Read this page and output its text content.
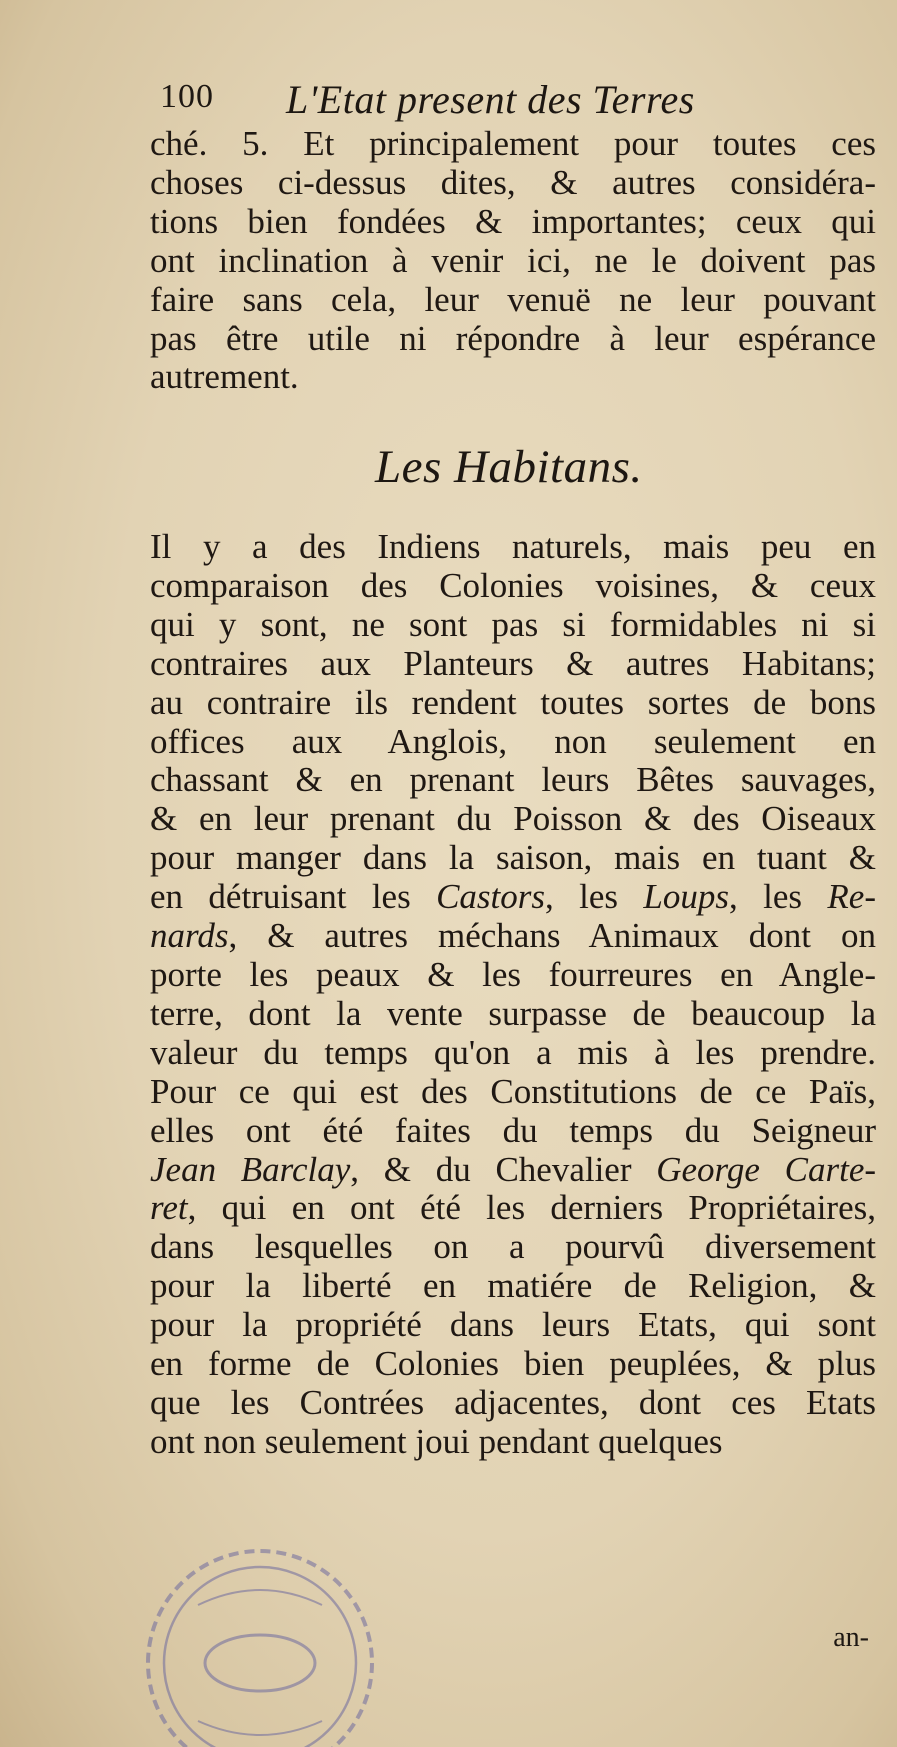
100 L'Etat present des Terres
ché. 5. Et principalement pour toutes ces
choses ci-dessus dites, & autres considéra-
tions bien fondées & importantes; ceux qui
ont inclination à venir ici, ne le doivent pas
faire sans cela, leur venuë ne leur pouvant
pas être utile ni répondre à leur espérance
autrement.
Les Habitans.
Il y a des Indiens naturels, mais peu en
comparaison des Colonies voisines, & ceux
qui y sont, ne sont pas si formidables ni si
contraires aux Planteurs & autres Habitans;
au contraire ils rendent toutes sortes de bons
offices aux Anglois, non seulement en
chassant & en prenant leurs Bêtes sauvages,
& en leur prenant du Poisson & des Oiseaux
pour manger dans la saison, mais en tuant &
en détruisant les Castors, les Loups, les Re-
nards, & autres méchans Animaux dont on
porte les peaux & les fourreures en Angle-
terre, dont la vente surpasse de beaucoup la
valeur du temps qu'on a mis à les prendre.
Pour ce qui est des Constitutions de ce Païs,
elles ont été faites du temps du Seigneur
Jean Barclay, & du Chevalier George Carte-
ret, qui en ont été les derniers Propriétaires,
dans lesquelles on a pourvû diversement
pour la liberté en matiére de Religion, &
pour la propriété dans leurs Etats, qui sont
en forme de Colonies bien peuplées, & plus
que les Contrées adjacentes, dont ces Etats
ont non seulement joui pendant quelques
an-
